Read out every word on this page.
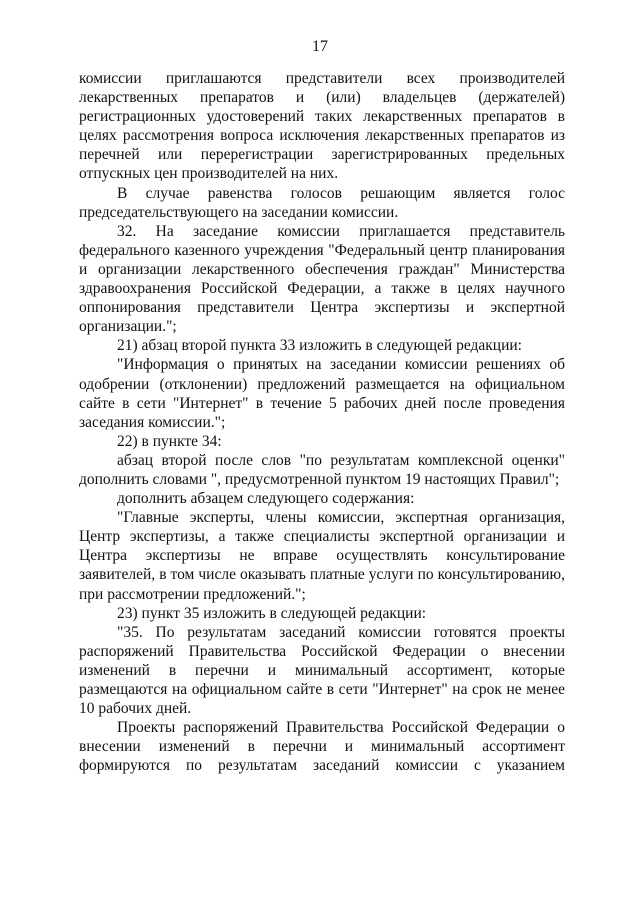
17

комиссии приглашаются представители всех производителей лекарственных препаратов и (или) владельцев (держателей) регистрационных удостоверений таких лекарственных препаратов в целях рассмотрения вопроса исключения лекарственных препаратов из перечней или перерегистрации зарегистрированных предельных отпускных цен производителей на них.

В случае равенства голосов решающим является голос председательствующего на заседании комиссии.

32. На заседание комиссии приглашается представитель федерального казенного учреждения "Федеральный центр планирования и организации лекарственного обеспечения граждан" Министерства здравоохранения Российской Федерации, а также в целях научного оппонирования представители Центра экспертизы и экспертной организации.";

21) абзац второй пункта 33 изложить в следующей редакции:

"Информация о принятых на заседании комиссии решениях об одобрении (отклонении) предложений размещается на официальном сайте в сети "Интернет" в течение 5 рабочих дней после проведения заседания комиссии.";

22) в пункте 34:

абзац второй после слов "по результатам комплексной оценки" дополнить словами ", предусмотренной пунктом 19 настоящих Правил";

дополнить абзацем следующего содержания:

"Главные эксперты, члены комиссии, экспертная организация, Центр экспертизы, а также специалисты экспертной организации и Центра экспертизы не вправе осуществлять консультирование заявителей, в том числе оказывать платные услуги по консультированию, при рассмотрении предложений.";

23) пункт 35 изложить в следующей редакции:

"35. По результатам заседаний комиссии готовятся проекты распоряжений Правительства Российской Федерации о внесении изменений в перечни и минимальный ассортимент, которые размещаются на официальном сайте в сети "Интернет" на срок не менее 10 рабочих дней.

Проекты распоряжений Правительства Российской Федерации о внесении изменений в перечни и минимальный ассортимент формируются по результатам заседаний комиссии с указанием
